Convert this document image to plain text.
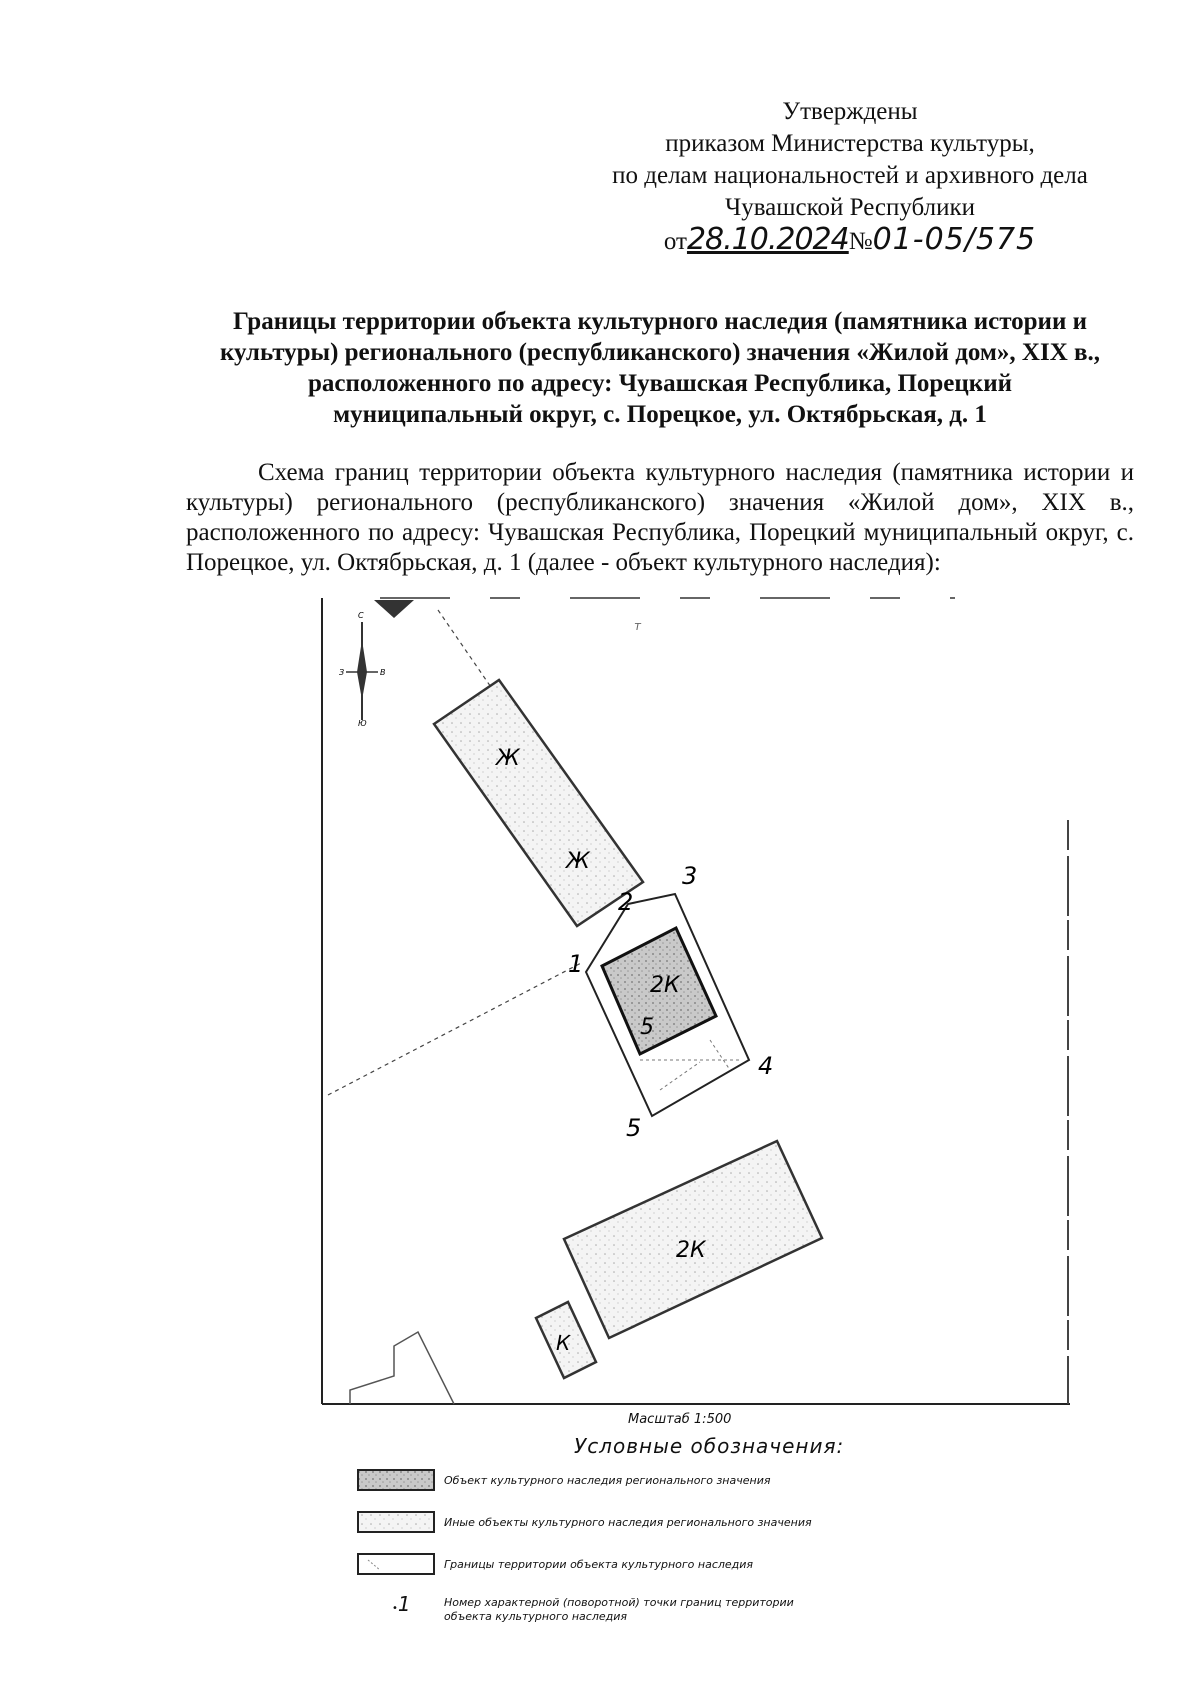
Утверждены
приказом Министерства культуры,
по делам национальностей и архивного дела
Чувашской Республики
от28.10.2024№01-05/575
Границы территории объекта культурного наследия (памятника истории и
культуры) регионального (республиканского) значения «Жилой дом», XIX в.,
расположенного по адресу: Чувашская Республика, Порецкий
муниципальный округ, с. Порецкое, ул. Октябрьская, д. 1

Схема границ территории объекта культурного наследия (памятника истории и культуры) регионального (республиканского) значения «Жилой дом», XIX в., расположенного по адресу: Чувашская Республика, Порецкий муниципальный округ, с. Порецкое, ул. Октябрьская, д. 1 (далее - объект культурного наследия):

С
Ю
З	В
т
Ж
Ж
2К
5
1
2
3
4
5
2К
К
Масштаб 1:500
Условные обозначения:
Объект культурного наследия регионального значения
Иные объекты культурного наследия регионального значения
Границы территории объекта культурного наследия
Номер характерной (поворотной) точки границ территории объекта культурного наследия
•1
